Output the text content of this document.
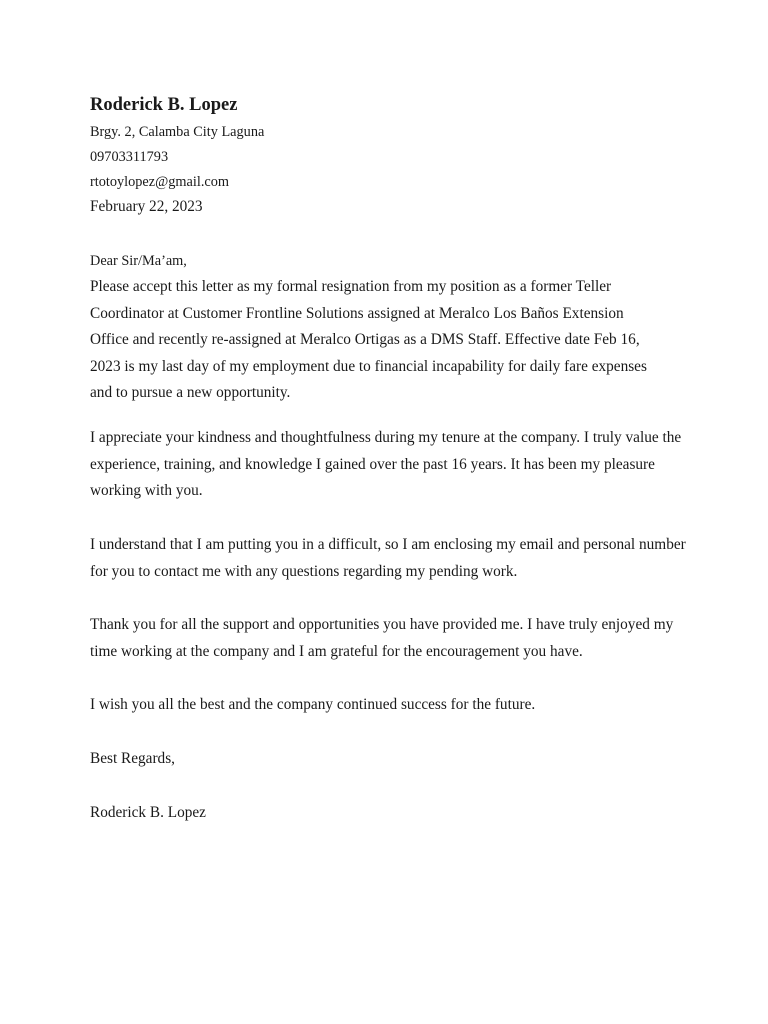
Roderick B. Lopez

Brgy. 2, Calamba City Laguna

09703311793

rtotoylopez@gmail.com

February 22, 2023

Dear Sir/Ma’am,

Please accept this letter as my formal resignation from my position as a former Teller

Coordinator at Customer Frontline Solutions assigned at Meralco Los Baños Extension

Office and recently re-assigned at Meralco Ortigas as a DMS Staff. Effective date Feb 16,

2023 is my last day of my employment due to financial incapability for daily fare expenses

and to pursue a new opportunity.

I appreciate your kindness and thoughtfulness during my tenure at the company. I truly value the

experience, training, and knowledge I gained over the past 16 years. It has been my pleasure

working with you.

I understand that I am putting you in a difficult, so I am enclosing my email and personal number

for you to contact me with any questions regarding my pending work.

Thank you for all the support and opportunities you have provided me. I have truly enjoyed my

time working at the company and I am grateful for the encouragement you have.

I wish you all the best and the company continued success for the future.

Best Regards,

Roderick B. Lopez
